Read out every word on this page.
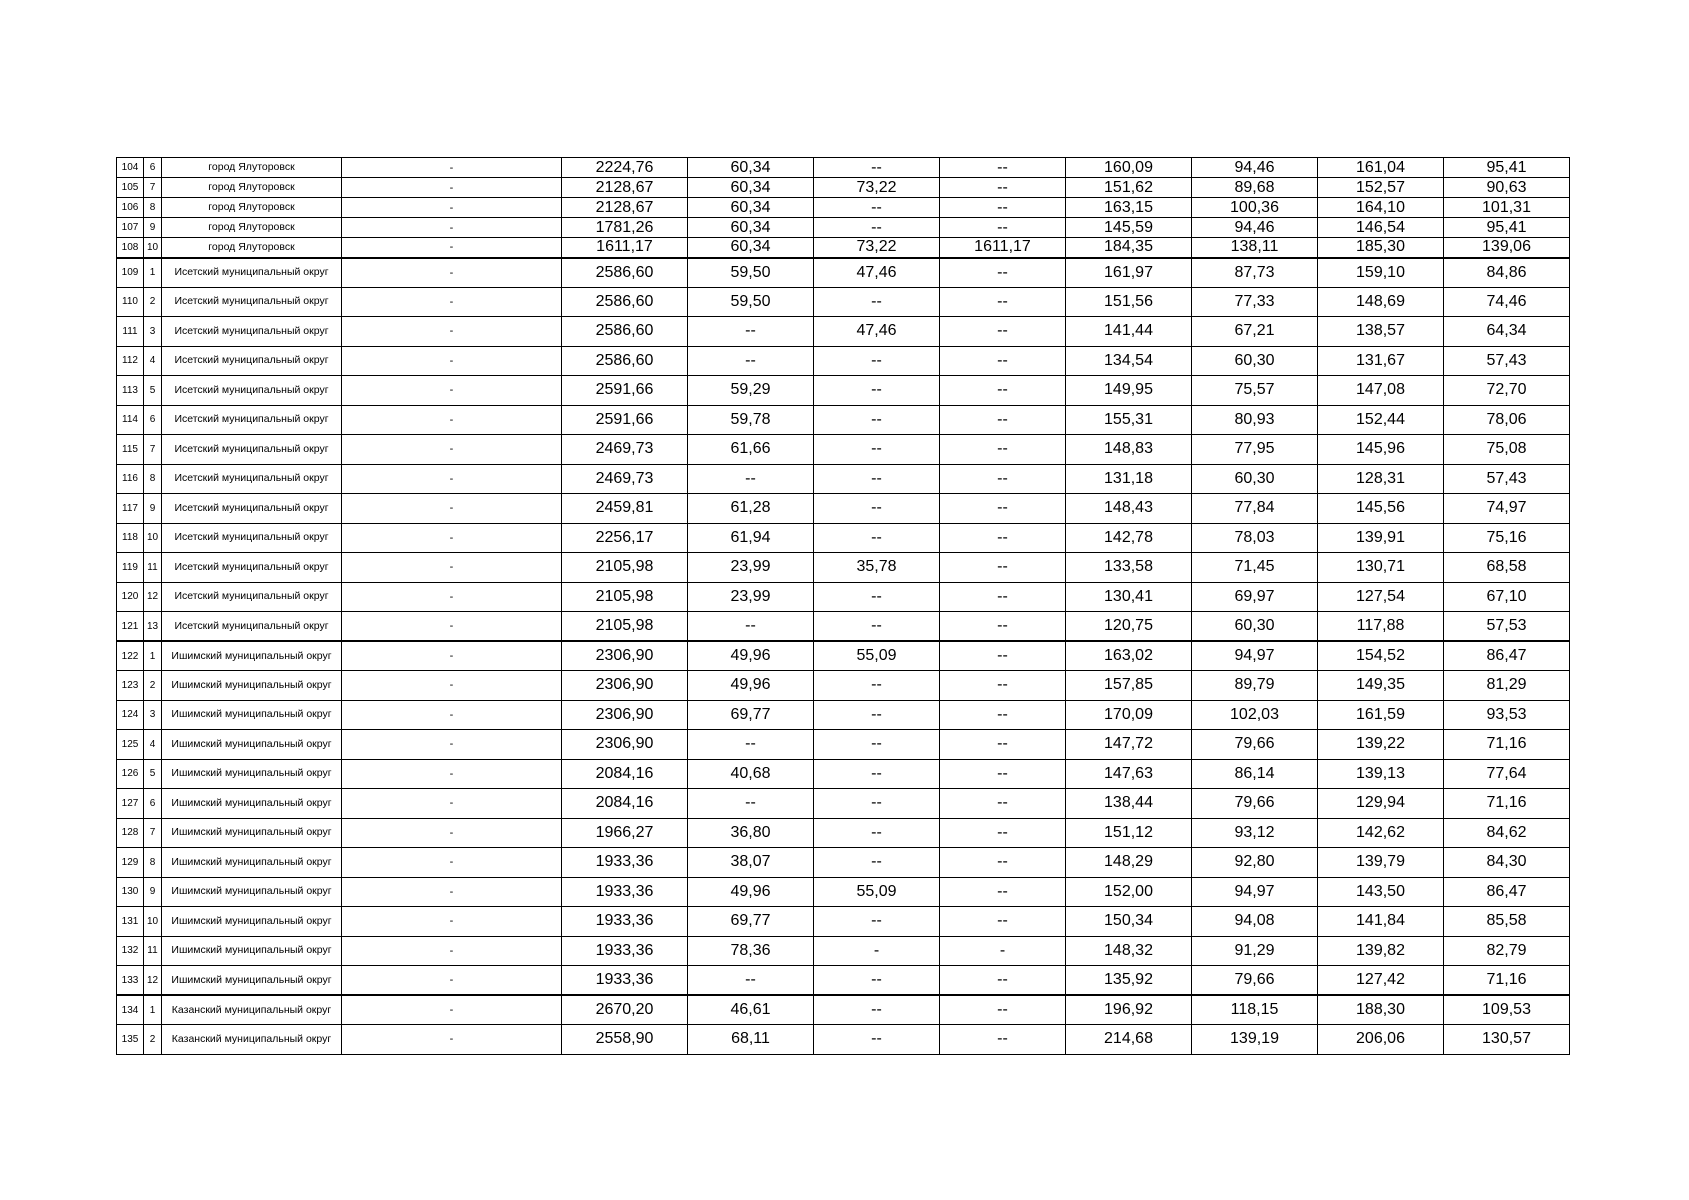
104	6	город Ялуторовск	-	2224,76	60,34	--	--	160,09	94,46	161,04	95,41
105	7	город Ялуторовск	-	2128,67	60,34	73,22	--	151,62	89,68	152,57	90,63
106	8	город Ялуторовск	-	2128,67	60,34	--	--	163,15	100,36	164,10	101,31
107	9	город Ялуторовск	-	1781,26	60,34	--	--	145,59	94,46	146,54	95,41
108	10	город Ялуторовск	-	1611,17	60,34	73,22	1611,17	184,35	138,11	185,30	139,06
109	1	Исетский муниципальный округ	-	2586,60	59,50	47,46	--	161,97	87,73	159,10	84,86
110	2	Исетский муниципальный округ	-	2586,60	59,50	--	--	151,56	77,33	148,69	74,46
111	3	Исетский муниципальный округ	-	2586,60	--	47,46	--	141,44	67,21	138,57	64,34
112	4	Исетский муниципальный округ	-	2586,60	--	--	--	134,54	60,30	131,67	57,43
113	5	Исетский муниципальный округ	-	2591,66	59,29	--	--	149,95	75,57	147,08	72,70
114	6	Исетский муниципальный округ	-	2591,66	59,78	--	--	155,31	80,93	152,44	78,06
115	7	Исетский муниципальный округ	-	2469,73	61,66	--	--	148,83	77,95	145,96	75,08
116	8	Исетский муниципальный округ	-	2469,73	--	--	--	131,18	60,30	128,31	57,43
117	9	Исетский муниципальный округ	-	2459,81	61,28	--	--	148,43	77,84	145,56	74,97
118	10	Исетский муниципальный округ	-	2256,17	61,94	--	--	142,78	78,03	139,91	75,16
119	11	Исетский муниципальный округ	-	2105,98	23,99	35,78	--	133,58	71,45	130,71	68,58
120	12	Исетский муниципальный округ	-	2105,98	23,99	--	--	130,41	69,97	127,54	67,10
121	13	Исетский муниципальный округ	-	2105,98	--	--	--	120,75	60,30	117,88	57,53
122	1	Ишимский муниципальный округ	-	2306,90	49,96	55,09	--	163,02	94,97	154,52	86,47
123	2	Ишимский муниципальный округ	-	2306,90	49,96	--	--	157,85	89,79	149,35	81,29
124	3	Ишимский муниципальный округ	-	2306,90	69,77	--	--	170,09	102,03	161,59	93,53
125	4	Ишимский муниципальный округ	-	2306,90	--	--	--	147,72	79,66	139,22	71,16
126	5	Ишимский муниципальный округ	-	2084,16	40,68	--	--	147,63	86,14	139,13	77,64
127	6	Ишимский муниципальный округ	-	2084,16	--	--	--	138,44	79,66	129,94	71,16
128	7	Ишимский муниципальный округ	-	1966,27	36,80	--	--	151,12	93,12	142,62	84,62
129	8	Ишимский муниципальный округ	-	1933,36	38,07	--	--	148,29	92,80	139,79	84,30
130	9	Ишимский муниципальный округ	-	1933,36	49,96	55,09	--	152,00	94,97	143,50	86,47
131	10	Ишимский муниципальный округ	-	1933,36	69,77	--	--	150,34	94,08	141,84	85,58
132	11	Ишимский муниципальный округ	-	1933,36	78,36	-	-	148,32	91,29	139,82	82,79
133	12	Ишимский муниципальный округ	-	1933,36	--	--	--	135,92	79,66	127,42	71,16
134	1	Казанский муниципальный округ	-	2670,20	46,61	--	--	196,92	118,15	188,30	109,53
135	2	Казанский муниципальный округ	-	2558,90	68,11	--	--	214,68	139,19	206,06	130,57
